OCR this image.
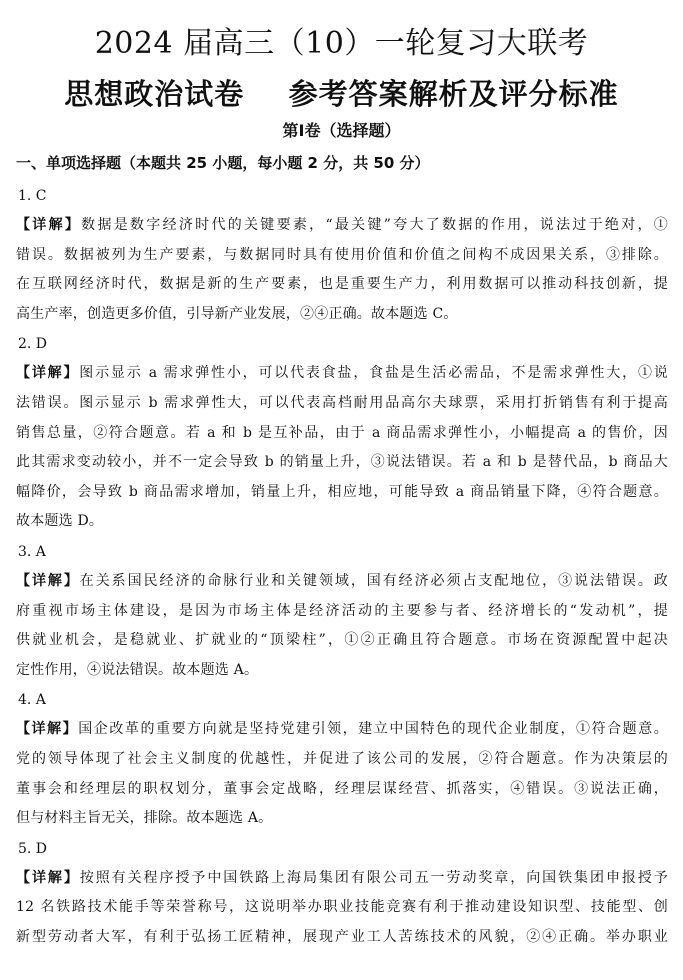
2024 届高三（10）一轮复习大联考
思想政治试卷    参考答案解析及评分标准
第Ⅰ卷（选择题）
一、单项选择题（本题共 25 小题，每小题 2 分，共 50 分）
1. C
【详解】数据是数字经济时代的关键要素，“最关键”夸大了数据的作用，说法过于绝对，①
错误。数据被列为生产要素，与数据同时具有使用价值和价值之间构不成因果关系，③排除。
在互联网经济时代，数据是新的生产要素，也是重要生产力，利用数据可以推动科技创新，提
高生产率，创造更多价值，引导新产业发展，②④正确。故本题选 C。
2. D
【详解】图示显示 a 需求弹性小，可以代表食盐，食盐是生活必需品，不是需求弹性大，①说
法错误。图示显示 b 需求弹性大，可以代表高档耐用品高尔夫球票，采用打折销售有利于提高
销售总量，②符合题意。若 a 和 b 是互补品，由于 a 商品需求弹性小，小幅提高 a 的售价，因
此其需求变动较小，并不一定会导致 b 的销量上升，③说法错误。若 a 和 b 是替代品，b 商品大
幅降价，会导致 b 商品需求增加，销量上升，相应地，可能导致 a 商品销量下降，④符合题意。
故本题选 D。
3. A
【详解】在关系国民经济的命脉行业和关键领域，国有经济必须占支配地位，③说法错误。政
府重视市场主体建设，是因为市场主体是经济活动的主要参与者、经济增长的“发动机”，提
供就业机会，是稳就业、扩就业的“顶梁柱”，①②正确且符合题意。市场在资源配置中起决
定性作用，④说法错误。故本题选 A。
4. A
【详解】国企改革的重要方向就是坚持党建引领，建立中国特色的现代企业制度，①符合题意。
党的领导体现了社会主义制度的优越性，并促进了该公司的发展，②符合题意。作为决策层的
董事会和经理层的职权划分，董事会定战略，经理层谋经营、抓落实，④错误。③说法正确，
但与材料主旨无关，排除。故本题选 A。
5. D
【详解】按照有关程序授予中国铁路上海局集团有限公司五一劳动奖章，向国铁集团申报授予
12 名铁路技术能手等荣誉称号，这说明举办职业技能竞赛有利于推动建设知识型、技能型、创
新型劳动者大军，有利于弘扬工匠精神，展现产业工人苦练技术的风貌，②④正确。举办职业
